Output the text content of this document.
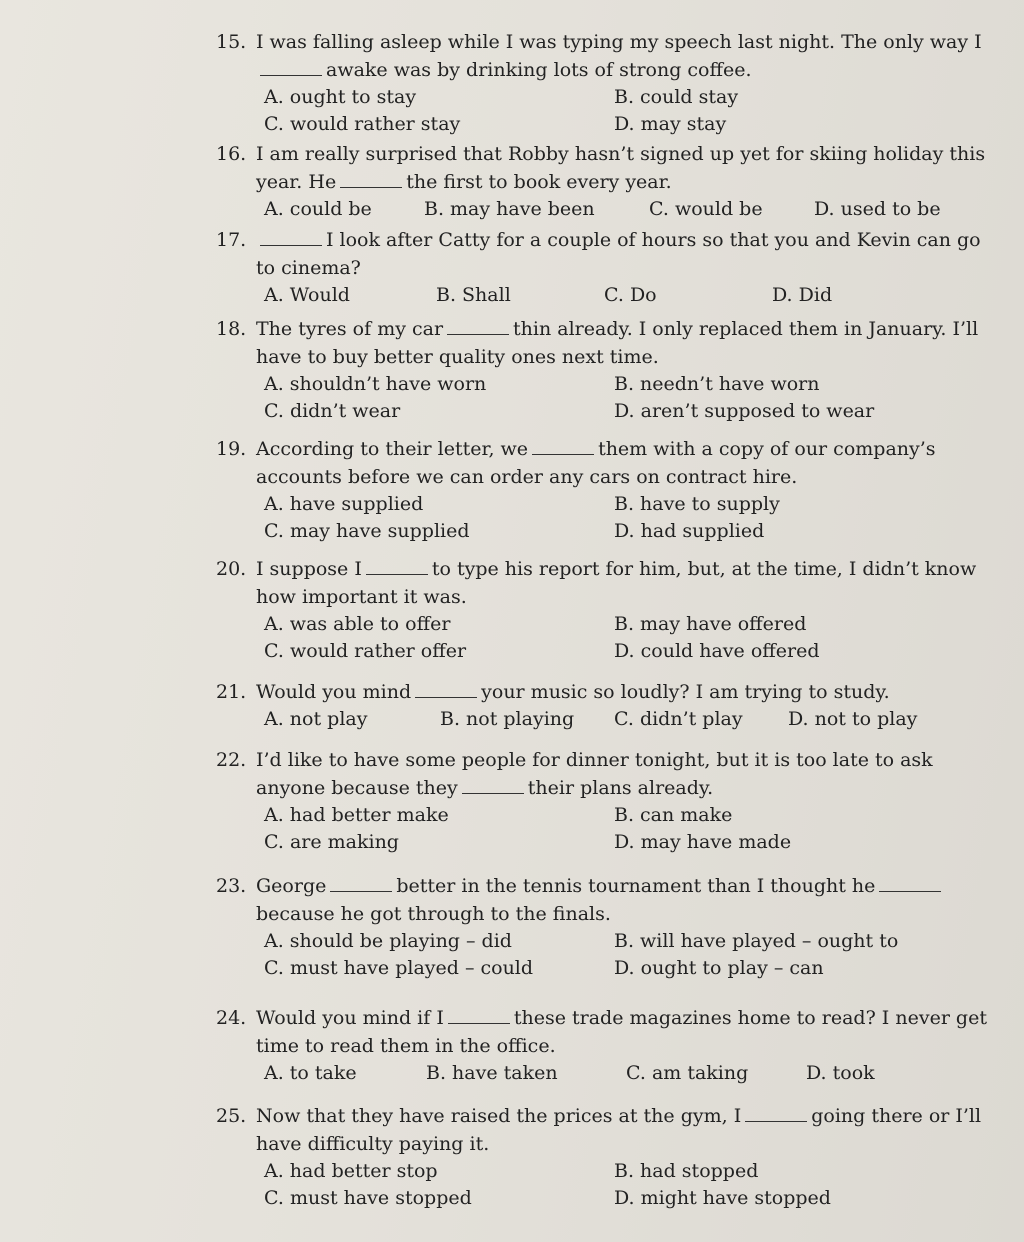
15. I was falling asleep while I was typing my speech last night. The only way Iawake was by drinking lots of strong coffee.
A. ought to stay	B. could stay
C. would rather stay	D. may stay
16. I am really surprised that Robby hasn’t signed up yet for skiing holiday this year. He	the first to book every year.
A. could be	B. may have been	C. would be	D. used to be
17.	I look after Catty for a couple of hours so that you and Kevin can go to cinema?
A. Would	B. Shall	C. Do	D. Did
18. The tyres of my car	thin already. I only replaced them in January. I’ll have to buy better quality ones next time.
A. shouldn’t have worn	B. needn’t have worn
C. didn’t wear	D. aren’t supposed to wear
19. According to their letter, we	them with a copy of our company’s accounts before we can order any cars on contract hire.
A. have supplied	B. have to supply
C. may have supplied	D. had supplied
20. I suppose I	to type his report for him, but, at the time, I didn’t know how important it was.
A. was able to offer	B. may have offered
C. would rather offer	D. could have offered
21. Would you mind	your music so loudly? I am trying to study.
A. not play	B. not playing	C. didn’t play	D. not to play
22. I’d like to have some people for dinner tonight, but it is too late to ask anyone because they	their plans already.
A. had better make	B. can make
C. are making	D. may have made
23. George	better in the tennis tournament than I thought hebecause he got through to the finals.
A. should be playing – did	B. will have played – ought to
C. must have played – could	D. ought to play – can
24. Would you mind if I	these trade magazines home to read? I never get time to read them in the office.
A. to take	B. have taken	C. am taking	D. took
25. Now that they have raised the prices at the gym, I	going there or I’ll have difficulty paying it.
A. had better stop	B. had stopped
C. must have stopped	D. might have stopped
